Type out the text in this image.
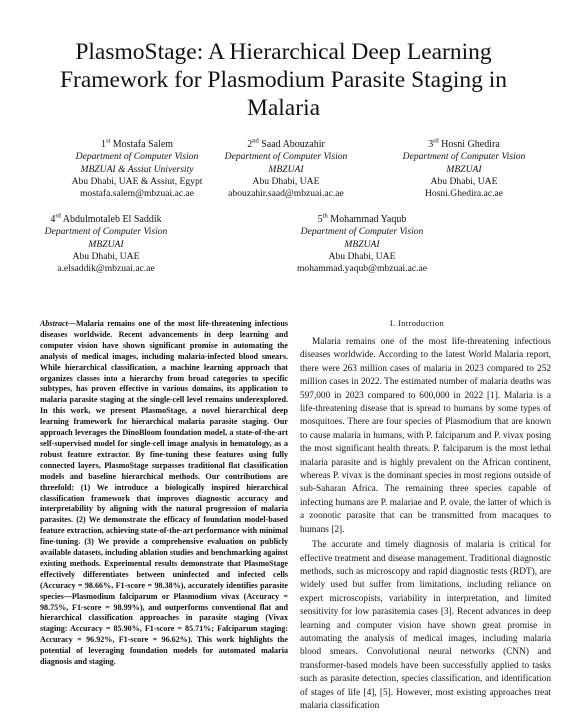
PlasmoStage: A Hierarchical Deep Learning Framework for Plasmodium Parasite Staging in Malaria
1st Mostafa Salem
Department of Computer Vision
MBZUAI & Assiut University
Abu Dhabi, UAE & Assiut, Egypt
mostafa.salem@mbzuai.ac.ae
2nd Saad Abouzahir
Department of Computer Vision
MBZUAI
Abu Dhabi, UAE
abouzahir.saad@mbzuai.ac.ae
3rd Hosni Ghedira
Department of Computer Vision
MBZUAI
Abu Dhabi, UAE
Hosni.Ghedira.ac.ae
4rd Abdulmotaleb El Saddik
Department of Computer Vision
MBZUAI
Abu Dhabi, UAE
a.elsaddik@mbzuai.ac.ae
5th Mohammad Yaqub
Department of Computer Vision
MBZUAI
Abu Dhabi, UAE
mohammad.yaqub@mbzuai.ac.ae
Abstract—Malaria remains one of the most life-threatening infectious diseases worldwide. Recent advancements in deep learning and computer vision have shown significant promise in automating the analysis of medical images, including malaria-infected blood smears. While hierarchical classification, a machine learning approach that organizes classes into a hierarchy from broad categories to specific subtypes, has proven effective in various domains, its application to malaria parasite staging at the single-cell level remains underexplored. In this work, we present PlasmoStage, a novel hierarchical deep learning framework for hierarchical malaria parasite staging. Our approach leverages the DinoBloom foundation model, a state-of-the-art self-supervised model for single-cell image analysis in hematology, as a robust feature extractor. By fine-tuning these features using fully connected layers, PlasmoStage surpasses traditional flat classification models and baseline hierarchical methods. Our contributions are threefold: (1) We introduce a biologically inspired hierarchical classification framework that improves diagnostic accuracy and interpretability by aligning with the natural progression of malaria parasites. (2) We demonstrate the efficacy of foundation model-based feature extraction, achieving state-of-the-art performance with minimal fine-tuning. (3) We provide a comprehensive evaluation on publicly available datasets, including ablation studies and benchmarking against existing methods. Experimental results demonstrate that PlasmoStage effectively differentiates between uninfected and infected cells (Accuracy = 98.66%, F1-score = 98.38%), accurately identifies parasite species—Plasmodium falciparum or Plasmodium vivax (Accuracy = 98.75%, F1-score = 98.99%), and outperforms conventional flat and hierarchical classification approaches in parasite staging (Vivax staging: Accuracy = 85.90%, F1-score = 85.71%; Falciparum staging: Accuracy = 96.92%, F1-score = 96.62%). This work highlights the potential of leveraging foundation models for automated malaria diagnosis and staging.
I. Introduction

Malaria remains one of the most life-threatening infectious diseases worldwide. According to the latest World Malaria report, there were 263 million cases of malaria in 2023 compared to 252 million cases in 2022. The estimated number of malaria deaths was 597,000 in 2023 compared to 600,000 in 2022 [1]. Malaria is a life-threatening disease that is spread to humans by some types of mosquitoes. There are four species of Plasmodium that are known to cause malaria in humans, with P. falciparum and P. vivax posing the most significant health threats. P. falciparum is the most lethal malaria parasite and is highly prevalent on the African continent, whereas P. vivax is the dominant species in most regions outside of sub-Saharan Africa. The remaining three species capable of infecting humans are P. malariae and P. ovale, the latter of which is a zoonotic parasite that can be transmitted from macaques to humans [2].

The accurate and timely diagnosis of malaria is critical for effective treatment and disease management. Traditional diagnostic methods, such as microscopy and rapid diagnostic tests (RDT), are widely used but suffer from limitations, including reliance on expert microscopists, variability in interpretation, and limited sensitivity for low parasitemia cases [3]. Recent advances in deep learning and computer vision have shown great promise in automating the analysis of medical images, including malaria blood smears. Convolutional neural networks (CNN) and transformer-based models have been successfully applied to tasks such as parasite detection, species classification, and identification of stages of life [4], [5]. However, most existing approaches treat malaria classification
